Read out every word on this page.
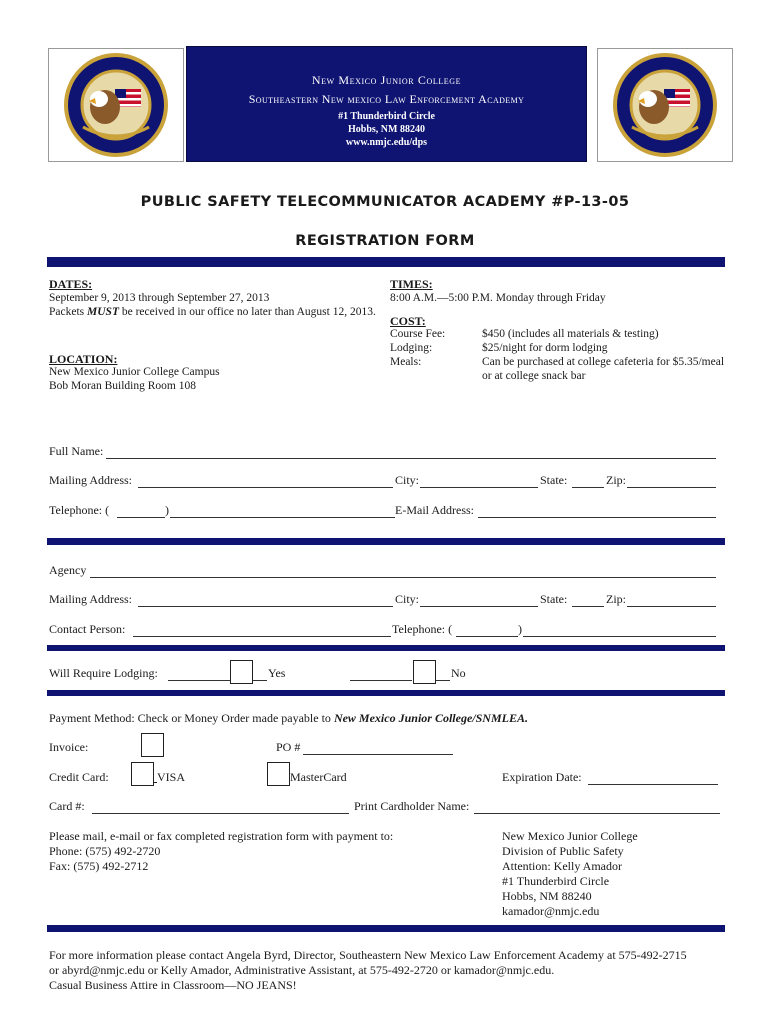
New Mexico Junior College
Southeastern New mexico Law Enforcement Academy
#1 Thunderbird Circle
Hobbs, NM 88240
www.nmjc.edu/dps
PUBLIC SAFETY TELECOMMUNICATOR ACADEMY #P-13-05
REGISTRATION FORM
DATES:
September 9, 2013 through September 27, 2013
Packets MUST be received in our office no later than August 12, 2013.
TIMES:
8:00 A.M.—5:00 P.M. Monday through Friday
COST:
Course Fee:	$450 (includes all materials & testing)
Lodging:	$25/night for dorm lodging
Meals:	Can be purchased at college cafeteria for $5.35/meal
or at college snack bar
LOCATION:
New Mexico Junior College Campus
Bob Moran Building Room 108
Full Name:
Mailing Address:	City:	State:	Zip:
Telephone: (	)	E-Mail Address:
Agency
Mailing Address:	City:	State:	Zip:
Contact Person:	Telephone: (	)
Will Require Lodging:	Yes	No
Payment Method: Check or Money Order made payable to New Mexico Junior College/SNMLEA.
Invoice:	PO #
Credit Card:	VISA	MasterCard	Expiration Date:
Card #:	Print Cardholder Name:
Please mail, e-mail or fax completed registration form with payment to:
Phone: (575) 492-2720
Fax: (575) 492-2712
New Mexico Junior College
Division of Public Safety
Attention: Kelly Amador
#1 Thunderbird Circle
Hobbs, NM 88240
kamador@nmjc.edu
For more information please contact Angela Byrd, Director, Southeastern New Mexico Law Enforcement Academy at 575-492-2715
or abyrd@nmjc.edu or Kelly Amador, Administrative Assistant, at 575-492-2720 or kamador@nmjc.edu.
Casual Business Attire in Classroom—NO JEANS!
